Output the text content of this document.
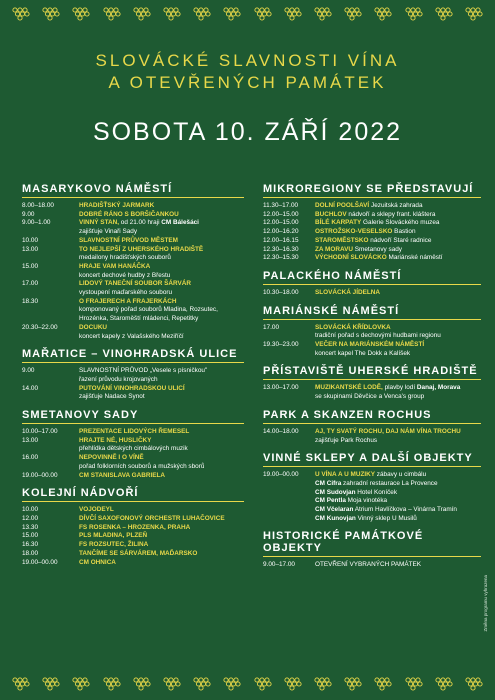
SLOVÁCKÉ SLAVNOSTI VÍNA
A OTEVŘENÝCH PAMÁTEK
SOBOTA 10. ZÁŘÍ 2022
MASARYKOVO NÁMĚSTÍ
8.00–18.00	HRADIŠŤSKÝ JARMARK
9.00	DOBRÉ RÁNO S BORŠIČANKOU
9.00–1.00	VINNÝ STAN, od 21.00 hraji CM Bálešáci
zajišťuje Vinaři Sady
10.00	SLAVNOSTNÍ PRŮVOD MĚSTEM
13.00	TO NEJLEPŠÍ Z UHERSKÉHO HRADIŠTĚ
medailony hradišťských souborů
15.00	HRAJE VAM HANÁČKA
koncert dechové hudby z Břestu
17.00	LIDOVÝ TANEČNÍ SOUBOR ŠÁRVÁR
vystoupení maďarského souboru
18.30	O FRAJERECH A FRAJERKÁCH
komponovaný pořad souborů Mladina, Rozsutec,
Hrozénka, Staroměští mládenci, Repetitky
20.30–22.00	DOCUKU
koncert kapely z Valašského Meziříčí
MAŘATICE – VINOHRADSKÁ ULICE
9.00	SLAVNOSTNÍ PRŮVOD „Vesele s písničkou"
řazení průvodu krojovaných
14.00	PUTOVÁNÍ VINOHRADSKOU ULICÍ
zajišťuje Nadace Synot
SMETANOVY SADY
10.00–17.00	PREZENTACE LIDOVÝCH ŘEMESEL
13.00	HRAJTE NÉ, HUSLIČKY
přehlídka dětských cimbálových muzik
16.00	NEPOVINNĚ I O VÍNĚ
pořad folklorních souborů a mužských sborů
19.00–00.00	CM STANISLAVA GABRIELA
KOLEJNÍ NÁDVOŘÍ
10.00	VOJODEYL
12.00	DÍVČÍ SAXOFONOVÝ ORCHESTR LUHAČOVICE
13.30	FS ROSENKA – HROZENKA, PRAHA
15.00	PLS MLADINA, PLZEŇ
16.30	FS ROZSUTEC, ŽILINA
18.00	TANČÍME SE SÁRVÁREM, MAĎARSKO
19.00–00.00	CM OHNICA
MIKROREGIONY SE PŘEDSTAVUJÍ
11.30–17.00	DOLNÍ POOLŠAVÍ Jezuitská zahrada
12.00–15.00	BUCHLOV nádvoří a sklepy frant. kláštera
12.00–15.00	BÍLÉ KARPATY Galerie Slováckého muzea
12.00–16.20	OSTROŽSKO-VESELSKO Bastion
12.00–16.15	STAROMĚSTSKO nádvoří Staré radnice
12.30–16.30	ZA MORAVU Smetanovy sady
12.30–15.30	VÝCHODNÍ SLOVÁCKO Mariánské náměstí
PALACKÉHO NÁMĚSTÍ
10.30–18.00	SLOVÁCKÁ JÍDELNA
MARIÁNSKÉ NÁMĚSTÍ
17.00	SLOVÁCKÁ KŘÍDLOVKA
tradiční pořad s dechovými hudbami regionu
19.30–23.00	VEČER NA MARIÁNSKÉM NÁMĚSTÍ
koncert kapel The Dokk a Kalíšek
PŘÍSTAVIŠTĚ UHERSKÉ HRADIŠTĚ
13.00–17.00	MUZIKANTSKÉ LODĚ, plavby lodí Danaj, Morava
se skupinami Děvčice a Venca's group
PARK A SKANZEN ROCHUS
14.00–18.00	AJ, TY SVATÝ ROCHU, DAJ NÁM VÍNA TROCHU
zajišťuje Park Rochus
VINNÉ SKLEPY A DALŠÍ OBJEKTY
19.00–00.00	U VÍNA A U MUZIKY zábavy u cimbálu
CM Cifra zahradní restaurace La Provence
CM Sudovjan Hotel Koníček
CM Pentla Moja vinotéka
CM Včelaran Atrium Havlíčkova – Vinárna Tramín
CM Kunovjan Vinný sklep U Musilů
HISTORICKÉ PAMÁTKOVÉ OBJEKTY
9.00–17.00	OTEVŘENÍ VYBRANÝCH PAMÁTEK
Změna programu vyhrazena
